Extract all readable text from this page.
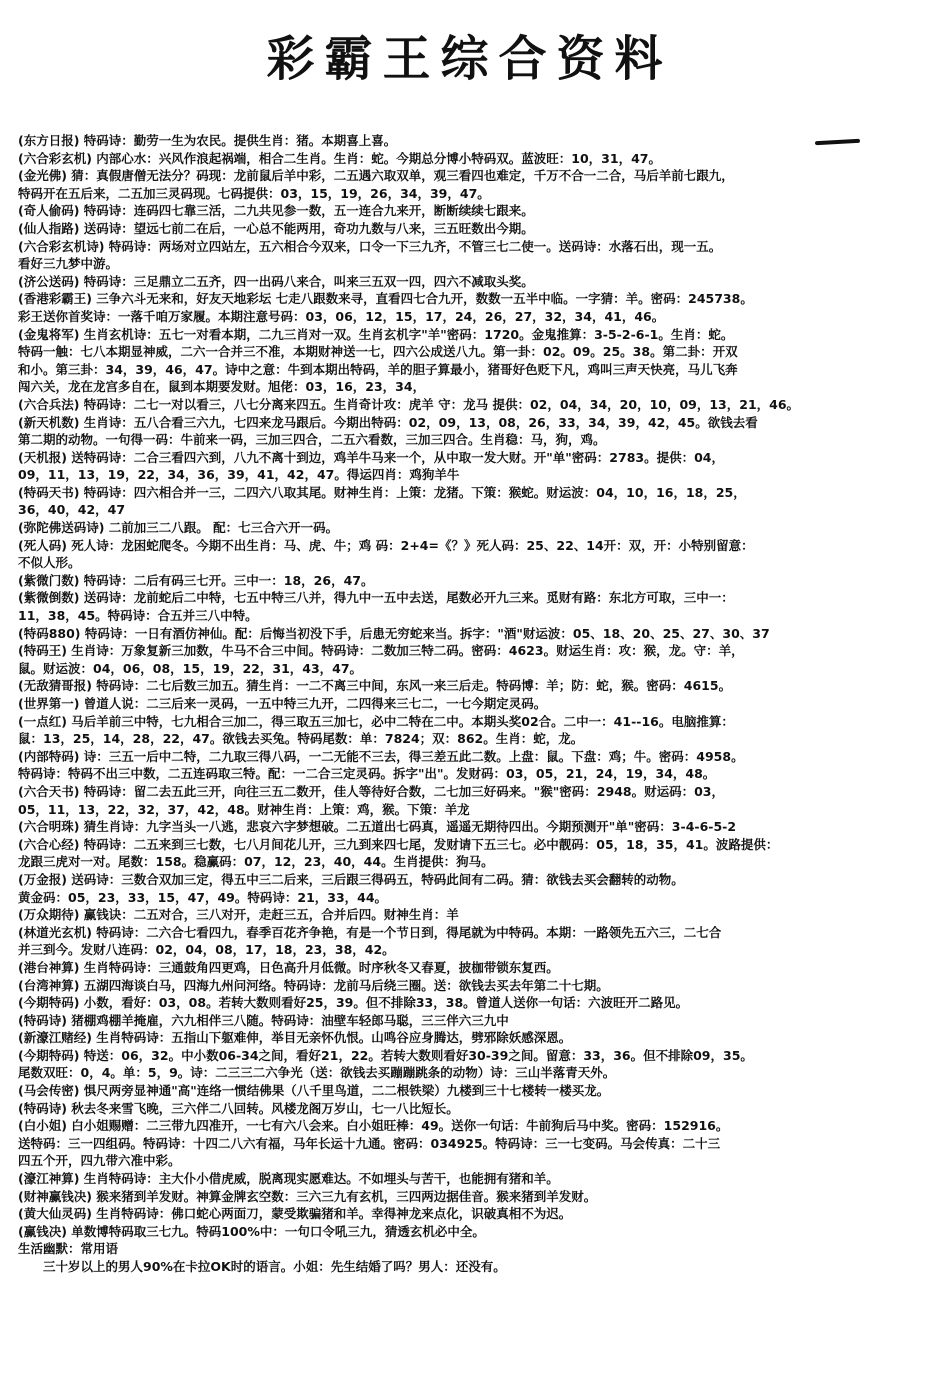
彩霸王综合资料
(东方日报) 特码诗：勤劳一生为农民。提供生肖：猪。本期喜上喜。
(六合彩玄机) 内部心水：兴风作浪起祸端，相合二生肖。生肖：蛇。今期总分博小特码双。蓝波旺：10，31，47。
(金光佛) 猜：真假唐僧无法分？码现：龙前鼠后羊中彩，二五遇六取双单，观三看四也难定，千万不合一二合，马后羊前七跟九，
特码开在五后来，二五加三灵码现。七码提供：03，15，19，26，34，39，47。
(奇人偷码) 特码诗：连码四七靠三活，二九共见参一数，五一连合九来开，断断续续七跟来。
(仙人指路) 送码诗：望远七前二在后，一心总不能两用，奇功九数与八来，三五旺数出今期。
(六合彩玄机诗) 特码诗：两场对立四站左，五六相合今双来，口令一下三九齐，不管三七二使一。送码诗：水落石出，现一五。
看好三九梦中游。
(济公送码) 特码诗：三足鼎立二五齐，四一出码八来合，叫来三五双一四，四六不减取头奖。
(香港彩霸王) 三争六斗无来和，好友天地彩坛 七走八跟数来寻，直看四七合九开，数数一五半中临。一字猜：羊。密码：245738。
彩王送你首奖诗：一落千咱万家履。本期注意号码：03，06，12，15，17，24，26，27，32，34，41，46。
(金鬼将军) 生肖玄机诗：五七一对看本期，二九三肖对一双。生肖玄机字"羊"密码：1720。金鬼推算：3-5-2-6-1。生肖：蛇。
特码一触：七八本期显神威，二六一合并三不准，本期财神送一七，四六公成送八九。第一卦：02。09。25。38。第二卦：开双
和小。第三卦：34，39，46，47。诗中之意：牛到本期出特码，羊的胆子算最小，猪哥好色贬下凡，鸡叫三声天快亮，马儿飞奔
闯六关，龙在龙宫多自在，鼠到本期要发财。旭佬：03，16，23，34，
(六合兵法) 特码诗：二七一对以看三，八七分离来四五。生肖奇计攻：虎羊 守：龙马 提供：02，04，34，20，10，09，13，21，46。
(新天机数) 生肖诗：五八合看三六九，七四来龙马跟后。今期出特码：02，09，13，08，26，33，34，39，42，45。欲钱去看
第二期的动物。一句得一码：牛前来一码，三加三四合，二五六看数，三加三四合。生肖稳：马，狗，鸡。
(天机报) 送特码诗：二合三看四六到，八九不离十到边，鸡羊牛马来一个，从中取一发大财。开"单"密码：2783。提供：04，
09，11，13，19，22，34，36，39，41，42，47。得运四肖：鸡狗羊牛
(特码天书) 特码诗：四六相合并一三，二四六八取其尾。财神生肖：上策：龙猪。下策：猴蛇。财运波：04，10，16，18，25，
36，40，42，47
(弥陀佛送码诗) 二前加三二八跟。 配：七三合六开一码。
(死人码) 死人诗：龙困蛇爬冬。今期不出生肖：马、虎、牛；鸡 码：2+4=《？》死人码：25、22、14开：双，开：小特别留意：
不似人形。
(紫微门数) 特码诗：二后有码三七开。三中一：18，26，47。
(紫微倒数) 送码诗：龙前蛇后二中特，七五中特三八并，得九中一五中去送，尾数必开九三来。觅财有路：东北方可取，三中一：
11，38，45。特码诗：合五并三八中特。
(特码880) 特码诗：一日有酒仿神仙。配：后悔当初没下手，后患无穷蛇来当。拆字："酒"财运波：05、18、20、25、27、30、37
(特码王) 生肖诗：万象复新三加数，牛马不合三中间。特码诗：二数加三特二码。密码：4623。财运生肖：攻：猴，龙。守：羊，
鼠。财运波：04，06，08，15，19，22，31，43，47。
(无敌猜哥报) 特码诗：二七后数三加五。猜生肖：一二不离三中间，东风一来三后走。特码博：羊；防：蛇，猴。密码：4615。
(世界第一) 曾道人说：二三后来一灵码，一五中特三九开，二四得来三七二，一七今期定灵码。
(一点红) 马后羊前三中特，七九相合三加二，得三取五三加七，必中二特在二中。本期头奖02合。二中一：41--16。电脑推算：
鼠：13，25，14，28，22，47。欲钱去买兔。特码尾数：单：7824；双：862。生肖：蛇，龙。
(内部特码) 诗：三五一后中二特，二九取三得八码，一二无能不三去，得三差五此二数。上盘：鼠。下盘：鸡；牛。密码：4958。
特码诗：特码不出三中数，二五连码取三特。配：一二合三定灵码。拆字"出"。发财码：03，05，21，24，19，34，48。
(六合天书) 特码诗：留二去五此三开，向往三五二数开，佳人等待好合数，二七加三好码来。"猴"密码：2948。财运码：03，
05，11，13，22，32，37，42，48。财神生肖：上策：鸡，猴。下策：羊龙
(六合明珠) 猜生肖诗：九字当头一八逃，悲哀六字梦想破。二五道出七码真，遥遥无期待四出。今期预测开"单"密码：3-4-6-5-2
(六合心经) 特码诗：二五来到三七数，七八月间花儿开，三九到来四七尾，发财请下五三七。必中靓码：05，18，35，41。波路提供：
龙跟三虎对一对。尾数：158。稳赢码：07，12，23，40，44。生肖提供：狗马。
(万金报) 送码诗：三数合双加三定，得五中三二后来，三后跟三得码五，特码此间有二码。猜：欲钱去买会翻转的动物。
黄金码：05，23，33，15，47，49。特码诗：21，33，44。
(万众期待) 赢钱诀：二五对合，三八对开，走赶三五，合并后四。财神生肖：羊
(林道光玄机) 特码诗：二六合七看四九，春季百花齐争艳，有是一个节日到，得尾就为中特码。本期：一路领先五六三，二七合
并三到今。发财八连码：02，04，08，17，18，23，38，42。
(港台神算) 生肖特码诗：三通鼓角四更鸡，日色高升月低微。时序秋冬又春夏，披枷带锁东复西。
(台湾神算) 五湖四海谈白马，四海九州问河络。特码诗：龙前马后绕三圈。送：欲钱去买去年第二十七期。
(今期特码) 小数，看好：03，08。若转大数则看好25，39。但不排除33，38。曾道人送你一句话：六波旺开二路见。
(特码诗) 猪棚鸡棚羊掩雇，六九相伴三八随。特码诗：油壁车轻郎马聪，三三伴六三九中
(新濠江赌经) 生肖特码诗：五指山下躯难伸，举目无亲怀仇恨。山鸣谷应身腾达，劈邪除妖感深恩。
(今期特码) 特送：06，32。中小数06-34之间，看好21，22。若转大数则看好30-39之间。留意：33，36。但不排除09，35。
尾数双旺：0，4。单：5，9。诗：二三三二六争光（送：欲钱去买蹦蹦跳条的动物）诗：三山半落青天外。
(马会传密) 惧尺两旁显神通"高"连络一惯结佛果（八千里鸟道，二二根铁梁）九楼到三十七楼转一楼买龙。
(特码诗) 秋去冬来雪飞晚，三六伴二八回转。风楼龙阁万岁山，七一八比短长。
(白小姐) 白小姐赐赠：二三带九四准开，一七有六八会来。白小姐旺棒：49。送你一句话：牛前狗后马中奖。密码：152916。
送特码：三一四组码。特码诗：十四二八六有福，马年长运十九通。密码：034925。特码诗：三一七变码。马会传真：二十三
四五个开，四九带六准中彩。
(濠江神算) 生肖特码诗：主大仆小借虎威，脱离现实愿难达。不如埋头与苦干，也能拥有猪和羊。
(财神赢钱决) 猴来猪到羊发财。神算金牌玄空数：三六三九有玄机，三四两边据佳音。猴来猪到羊发财。
(黄大仙灵码) 生肖特码诗：佛口蛇心两面刀，蒙受欺骗猪和羊。幸得神龙来点化，识破真相不为迟。
(赢钱决) 单数博特码取三七九。特码100%中：一句口令吼三九，猜透玄机必中全。
生活幽默：常用语
　　三十岁以上的男人90%在卡拉OK时的语言。小姐：先生结婚了吗？男人：还没有。
